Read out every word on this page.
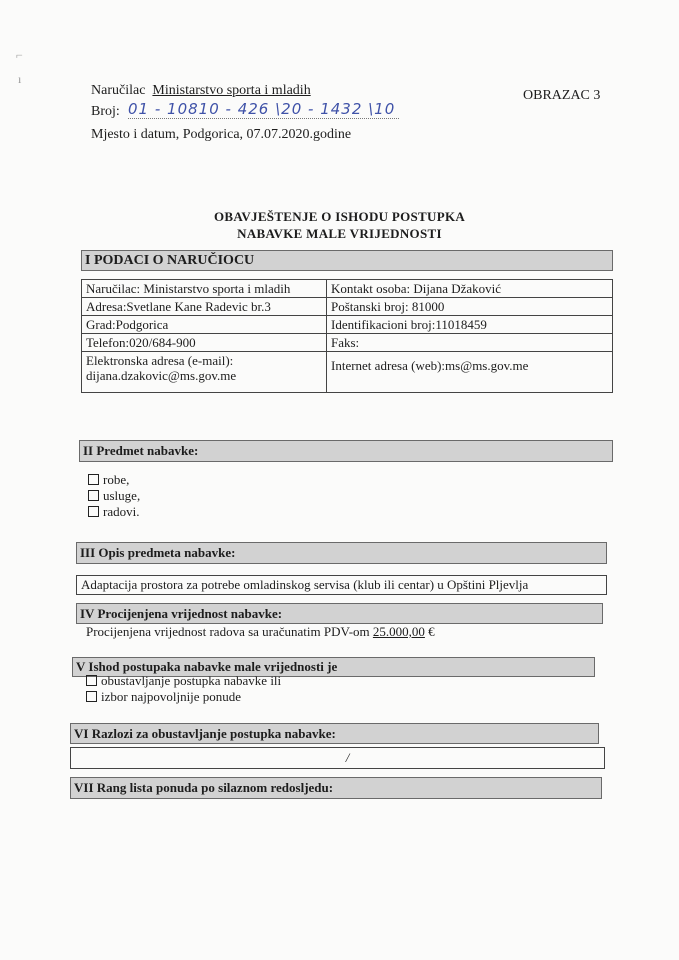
⌐
ı
Naručilac Ministarstvo sporta i mladih
Broj: 01 - 10810 - 426 \20 - 1432 \10
Mjesto i datum, Podgorica, 07.07.2020.godine
OBRAZAC 3
OBAVJEŠTENJE O ISHODU POSTUPKA
NABAVKE MALE VRIJEDNOSTI
I PODACI O NARUČIOCU
Naručilac: Ministarstvo sporta i mladih	Kontakt osoba: Dijana Džaković
Adresa:Svetlane Kane Radevic br.3	Poštanski broj: 81000
Grad:Podgorica	Identifikacioni broj:11018459
Telefon:020/684-900	Faks:

Elektronska adresa (e-mail):
dijana.dzakovic@ms.gov.me	Internet adresa (web):ms@ms.gov.me
II Predmet nabavke:
robe,
usluge,
radovi.
III Opis predmeta nabavke:
Adaptacija prostora za potrebe omladinskog servisa (klub ili centar) u Opštini Pljevlja
IV Procijenjena vrijednost nabavke:
Procijenjena vrijednost radova sa uračunatim PDV-om 25.000,00 €
V Ishod postupaka nabavke male vrijednosti je
obustavljanje postupka nabavke ili
izbor najpovoljnije ponude
VI Razlozi za obustavljanje postupka nabavke:
/
VII Rang lista ponuda po silaznom redosljedu:
